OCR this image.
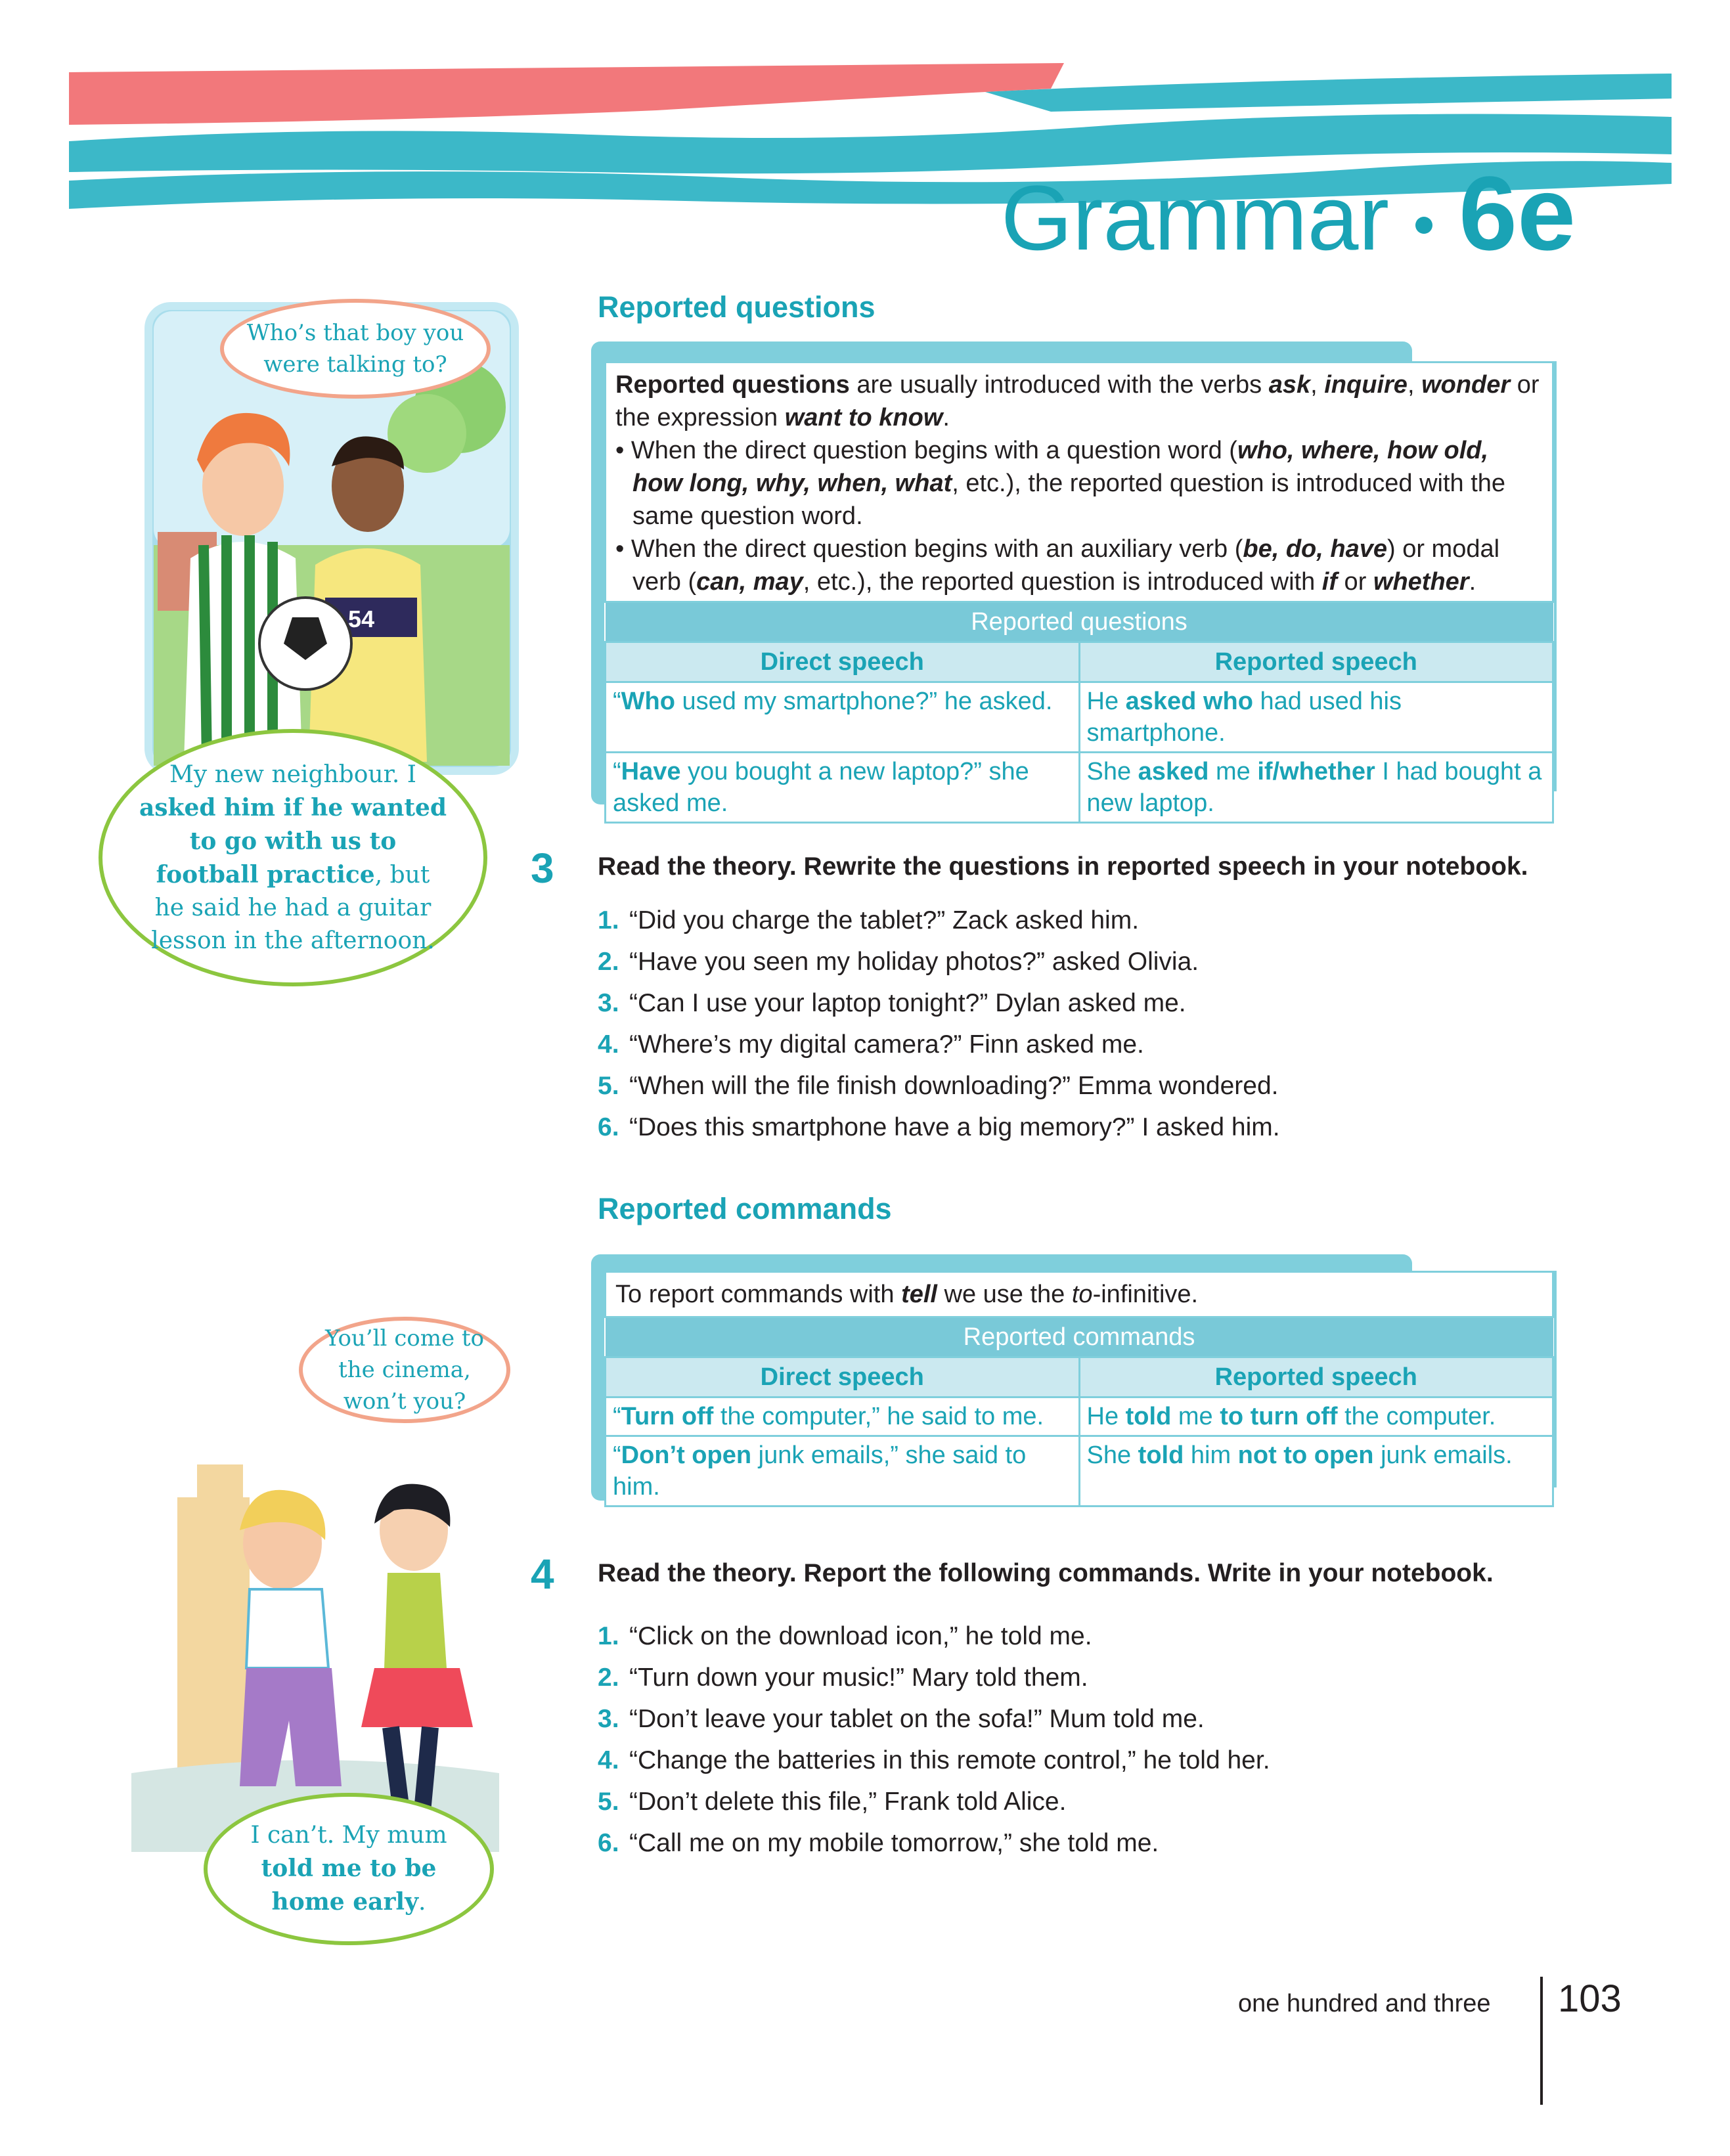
Grammar 6e
54
Who’s that boy you were talking to?
My new neighbour. I asked him if he wanted to go with us to football practice, but he said he had a guitar lesson in the afternoon.
You’ll come to the cinema, won’t you?
I can’t. My mum told me to be home early.
Reported questions
Reported questions are usually introduced with the verbs ask, inquire, wonder or the expression want to know.
• When the direct question begins with a question word (who, where, how old, how long, why, when, what, etc.), the reported question is introduced with the same question word.
• When the direct question begins with an auxiliary verb (be, do, have) or modal verb (can, may, etc.), the reported question is introduced with if or whether.
Reported questions	
Direct speech	Reported speech
“Who used my smartphone?” he asked.	He asked who had used his smartphone.
“Have you bought a new laptop?” she asked me.	She asked me if/whether I had bought a new laptop.
3 Read the theory. Rewrite the questions in reported speech in your notebook.
1. “Did you charge the tablet?” Zack asked him.
2. “Have you seen my holiday photos?” asked Olivia.
3. “Can I use your laptop tonight?” Dylan asked me.
4. “Where’s my digital camera?” Finn asked me.
5. “When will the file finish downloading?” Emma wondered.
6. “Does this smartphone have a big memory?” I asked him.
Reported commands
To report commands with tell we use the to-infinitive.
Reported commands	
Direct speech	Reported speech
“Turn off the computer,” he said to me.	He told me to turn off the computer.
“Don’t open junk emails,” she said to him.	She told him not to open junk emails.
4 Read the theory. Report the following commands. Write in your notebook.
1. “Click on the download icon,” he told me.
2. “Turn down your music!” Mary told them.
3. “Don’t leave your tablet on the sofa!” Mum told me.
4. “Change the batteries in this remote control,” he told her.
5. “Don’t delete this file,” Frank told Alice.
6. “Call me on my mobile tomorrow,” she told me.
one hundred and three 103
